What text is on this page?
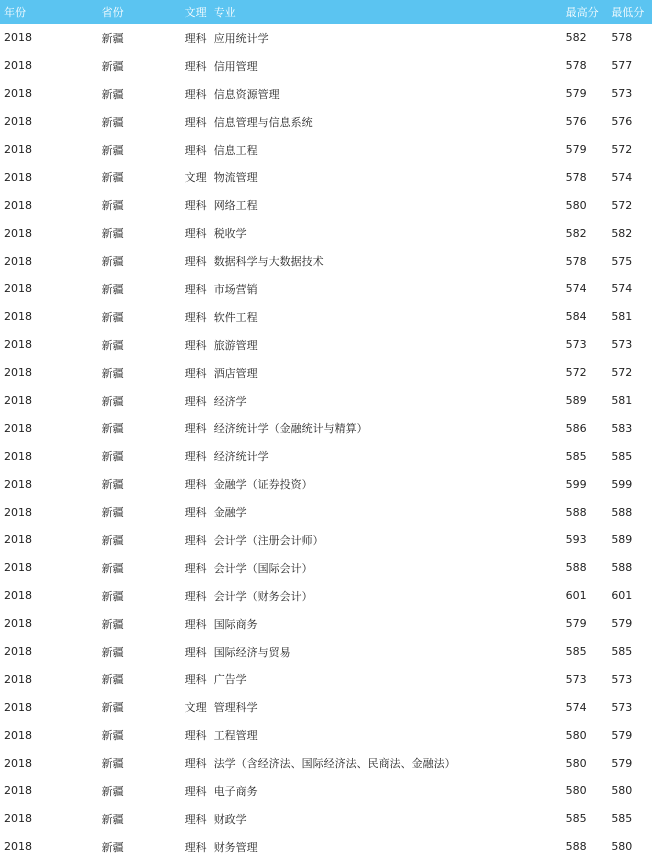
年份	省份	文理	专业	最高分	最低分
2018	新疆	理科	应用统计学	582	578
2018	新疆	理科	信用管理	578	577
2018	新疆	理科	信息资源管理	579	573
2018	新疆	理科	信息管理与信息系统	576	576
2018	新疆	理科	信息工程	579	572
2018	新疆	文理	物流管理	578	574
2018	新疆	理科	网络工程	580	572
2018	新疆	理科	税收学	582	582
2018	新疆	理科	数据科学与大数据技术	578	575
2018	新疆	理科	市场营销	574	574
2018	新疆	理科	软件工程	584	581
2018	新疆	理科	旅游管理	573	573
2018	新疆	理科	酒店管理	572	572
2018	新疆	理科	经济学	589	581
2018	新疆	理科	经济统计学（金融统计与精算）	586	583
2018	新疆	理科	经济统计学	585	585
2018	新疆	理科	金融学（证券投资）	599	599
2018	新疆	理科	金融学	588	588
2018	新疆	理科	会计学（注册会计师）	593	589
2018	新疆	理科	会计学（国际会计）	588	588
2018	新疆	理科	会计学（财务会计）	601	601
2018	新疆	理科	国际商务	579	579
2018	新疆	理科	国际经济与贸易	585	585
2018	新疆	理科	广告学	573	573
2018	新疆	文理	管理科学	574	573
2018	新疆	理科	工程管理	580	579
2018	新疆	理科	法学（含经济法、国际经济法、民商法、金融法）	580	579
2018	新疆	理科	电子商务	580	580
2018	新疆	理科	财政学	585	585
2018	新疆	理科	财务管理	588	580
